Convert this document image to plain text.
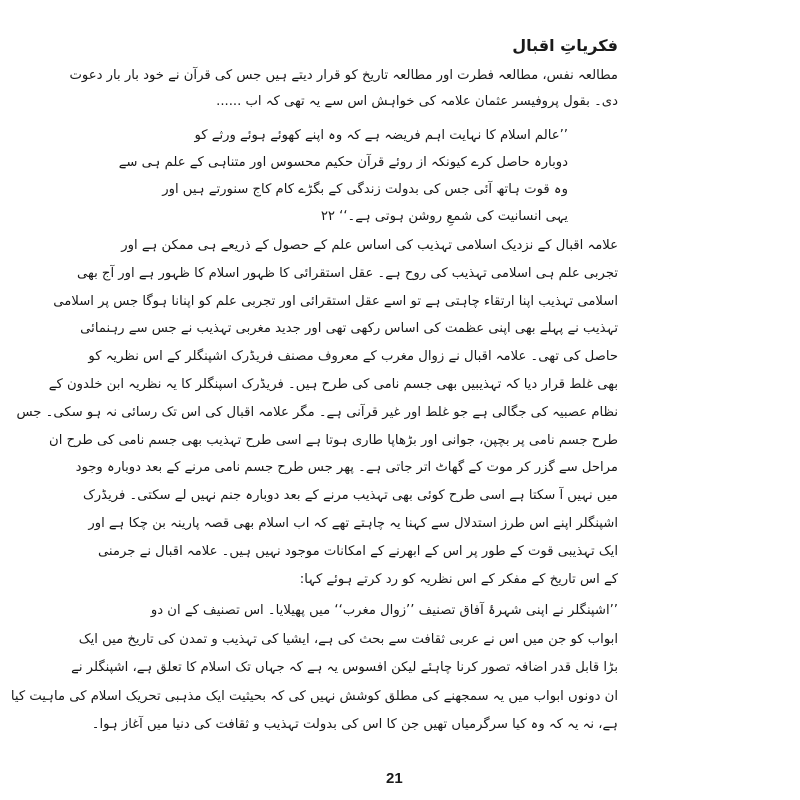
فکریاتِ اقبال
مطالعہ نفس، مطالعہ فطرت اور مطالعہ تاریخ کو قرار دیتے ہیں جس کی قرآن نے خود بار بار دعوت
دی۔ بقول پروفیسر عثمان علامہ کی خواہش اس سے یہ تھی کہ اب ......
’’عالم اسلام کا نہایت اہم فریضہ ہے کہ وہ اپنے کھوئے ہوئے ورثے کو
دوبارہ حاصل کرے کیونکہ از روئے قرآن حکیم محسوس اور متناہی کے علم ہی سے
وہ قوت ہاتھ آئی جس کی بدولت زندگی کے بگڑے کام کاج سنورتے ہیں اور
یہی انسانیت کی شمعِ روشن ہوتی ہے۔‘‘ ۲۲
علامہ اقبال کے نزدیک اسلامی تہذیب کی اساس علم کے حصول کے ذریعے ہی ممکن ہے اور
تجربی علم ہی اسلامی تہذیب کی روح ہے۔ عقل استقرائی کا ظہور اسلام کا ظہور ہے اور آج بھی
اسلامی تہذیب اپنا ارتقاء چاہتی ہے تو اسے عقل استقرائی اور تجربی علم کو اپنانا ہوگا جس پر اسلامی
تہذیب نے پہلے بھی اپنی عظمت کی اساس رکھی تھی اور جدید مغربی تہذیب نے جس سے رہنمائی
حاصل کی تھی۔ علامہ اقبال نے زوال مغرب کے معروف مصنف فریڈرک اشپنگلر کے اس نظریہ کو
بھی غلط قرار دیا کہ تہذیبیں بھی جسم نامی کی طرح ہیں۔ فریڈرک اسپنگلر کا یہ نظریہ ابن خلدون کے
نظام عصبیہ کی جگالی ہے جو غلط اور غیر قرآنی ہے۔ مگر علامہ اقبال کی اس تک رسائی نہ ہو سکی۔ جس
طرح جسم نامی پر بچپن، جوانی اور بڑھاپا طاری ہوتا ہے اسی طرح تہذیب بھی جسم نامی کی طرح ان
مراحل سے گزر کر موت کے گھاٹ اتر جاتی ہے۔ پھر جس طرح جسم نامی مرنے کے بعد دوبارہ وجود
میں نہیں آ سکتا ہے اسی طرح کوئی بھی تہذیب مرنے کے بعد دوبارہ جنم نہیں لے سکتی۔ فریڈرک
اشپنگلر اپنے اس طرز استدلال سے کہنا یہ چاہتے تھے کہ اب اسلام بھی قصہ پارینہ بن چکا ہے اور
ایک تہذیبی قوت کے طور پر اس کے ابھرنے کے امکانات موجود نہیں ہیں۔ علامہ اقبال نے جرمنی
کے اس تاریخ کے مفکر کے اس نظریہ کو رد کرتے ہوئے کہا:
’’اشپنگلر نے اپنی شہرۂ آفاق تصنیف ’’زوال مغرب‘‘ میں پھیلایا۔ اس تصنیف کے ان دو
ابواب کو جن میں اس نے عربی ثقافت سے بحث کی ہے، ایشیا کی تہذیب و تمدن کی تاریخ میں ایک
بڑا قابل قدر اضافہ تصور کرنا چاہئے لیکن افسوس یہ ہے کہ جہاں تک اسلام کا تعلق ہے، اشپنگلر نے
ان دونوں ابواب میں یہ سمجھنے کی مطلق کوشش نہیں کی کہ بحیثیت ایک مذہبی تحریک اسلام کی ماہیت کیا
ہے، نہ یہ کہ وہ کیا سرگرمیاں تھیں جن کا اس کی بدولت تہذیب و ثقافت کی دنیا میں آغاز ہوا۔
21
